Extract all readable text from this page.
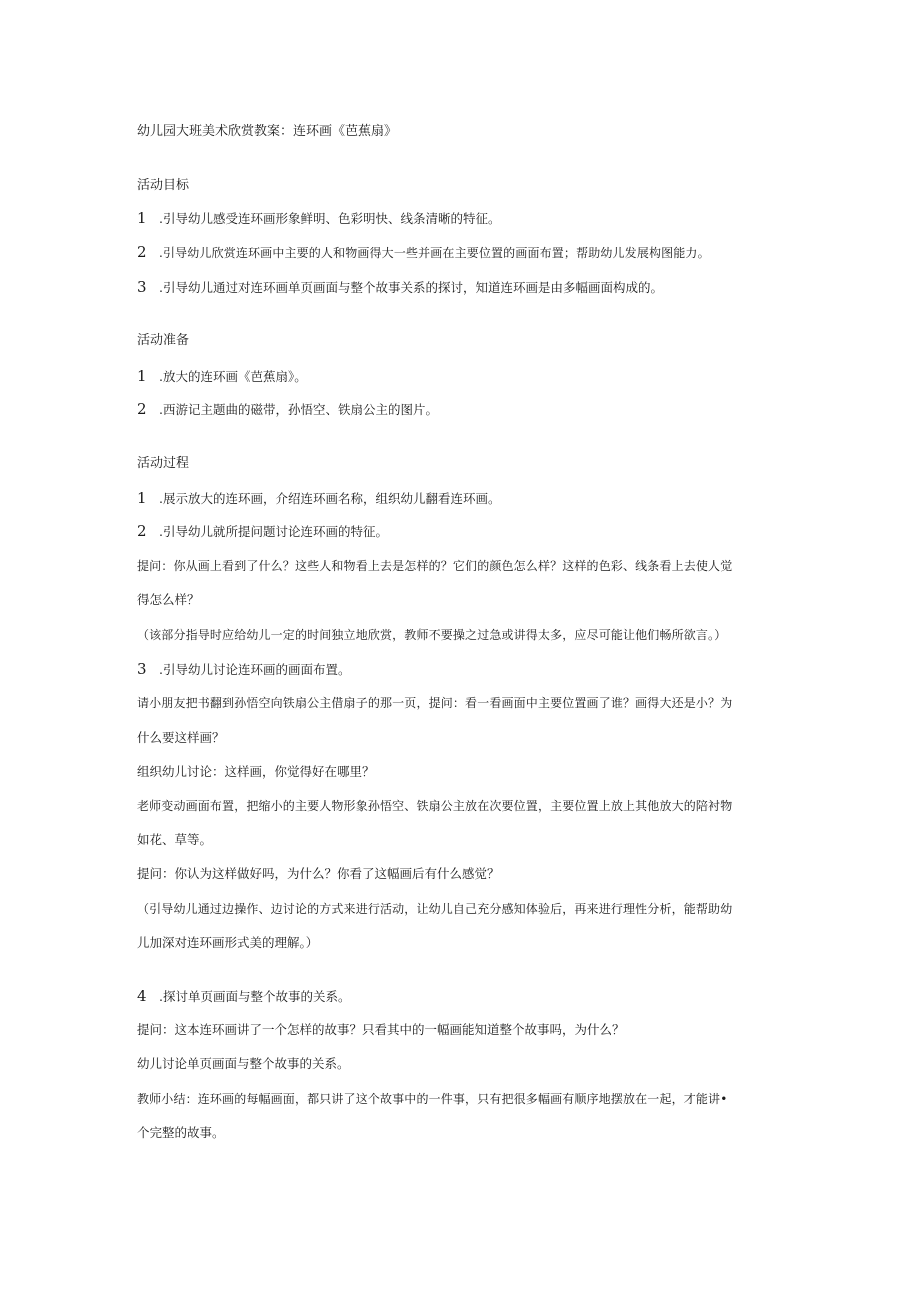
幼儿园大班美术欣赏教案：连环画《芭蕉扇》
活动目标
1 .引导幼儿感受连环画形象鲜明、色彩明快、线条清晰的特征。
2 .引导幼儿欣赏连环画中主要的人和物画得大一些并画在主要位置的画面布置；帮助幼儿发展构图能力。
3 .引导幼儿通过对连环画单页画面与整个故事关系的探讨，知道连环画是由多幅画面构成的。
活动准备
1 .放大的连环画《芭蕉扇》。
2 .西游记主题曲的磁带，孙悟空、铁扇公主的图片。
活动过程
1 .展示放大的连环画，介绍连环画名称，组织幼儿翻看连环画。
2 .引导幼儿就所提问题讨论连环画的特征。
提问：你从画上看到了什么？这些人和物看上去是怎样的？它们的颜色怎么样？这样的色彩、线条看上去使人觉
得怎么样？
（该部分指导时应给幼儿一定的时间独立地欣赏，教师不要操之过急或讲得太多，应尽可能让他们畅所欲言。）
3 .引导幼儿讨论连环画的画面布置。
请小朋友把书翻到孙悟空向铁扇公主借扇子的那一页，提问：看一看画面中主要位置画了谁？画得大还是小？为
什么要这样画？
组织幼儿讨论：这样画，你觉得好在哪里？
老师变动画面布置，把缩小的主要人物形象孙悟空、铁扇公主放在次要位置，主要位置上放上其他放大的陪衬物
如花、草等。
提问：你认为这样做好吗，为什么？你看了这幅画后有什么感觉？
（引导幼儿通过边操作、边讨论的方式来进行活动，让幼儿自己充分感知体验后，再来进行理性分析，能帮助幼
儿加深对连环画形式美的理解。）
4 .探讨单页画面与整个故事的关系。
提问：这本连环画讲了一个怎样的故事？只看其中的一幅画能知道整个故事吗，为什么？
幼儿讨论单页画面与整个故事的关系。
教师小结：连环画的每幅画面，都只讲了这个故事中的一件事，只有把很多幅画有顺序地摆放在一起，才能讲•
个完整的故事。
